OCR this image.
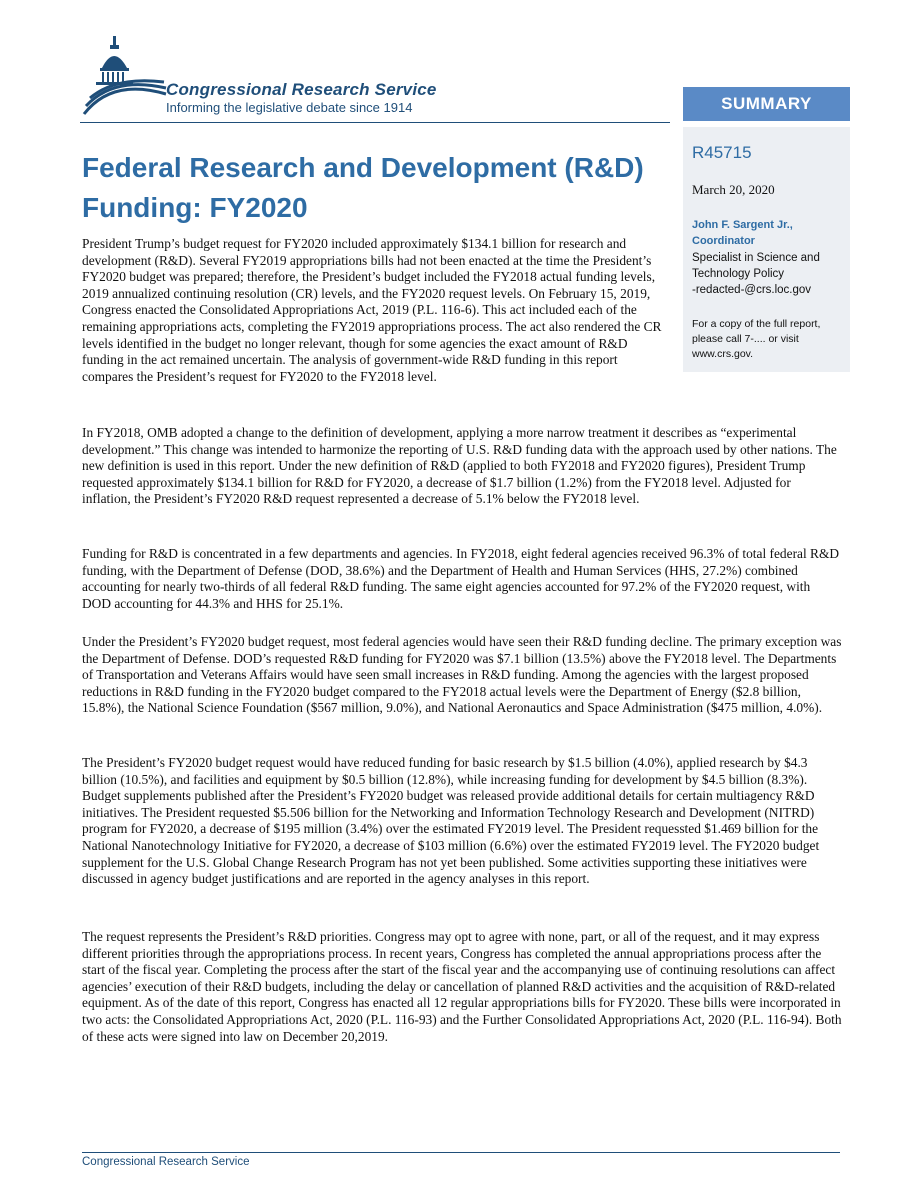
Congressional Research Service
Informing the legislative debate since 1914	SUMMARY
R45715
March 20, 2020
John F. Sargent Jr.,
Coordinator
Specialist in Science and Technology Policy
-redacted-@crs.loc.gov
For a copy of the full report, please call 7-.... or visit www.crs.gov.
Federal Research and Development (R&D) Funding: FY2020

President Trump’s budget request for FY2020 included approximately $134.1 billion for research and development (R&D). Several FY2019 appropriations bills had not been enacted at the time the President’s FY2020 budget was prepared; therefore, the President’s budget included the FY2018 actual funding levels, 2019 annualized continuing resolution (CR) levels, and the FY2020 request levels. On February 15, 2019, Congress enacted the Consolidated Appropriations Act, 2019 (P.L. 116-6). This act included each of the remaining appropriations acts, completing the FY2019 appropriations process. The act also rendered the CR levels identified in the budget no longer relevant, though for some agencies the exact amount of R&D funding in the act remained uncertain. The analysis of government-wide R&D funding in this report compares the President’s request for FY2020 to the FY2018 level.

In FY2018, OMB adopted a change to the definition of development, applying a more narrow treatment it describes as “experimental development.” This change was intended to harmonize the reporting of U.S. R&D funding data with the approach used by other nations. The new definition is used in this report. Under the new definition of R&D (applied to both FY2018 and FY2020 figures), President Trump requested approximately $134.1 billion for R&D for FY2020, a decrease of $1.7 billion (1.2%) from the FY2018 level. Adjusted for inflation, the President’s FY2020 R&D request represented a decrease of 5.1% below the FY2018 level.

Funding for R&D is concentrated in a few departments and agencies. In FY2018, eight federal agencies received 96.3% of total federal R&D funding, with the Department of Defense (DOD, 38.6%) and the Department of Health and Human Services (HHS, 27.2%) combined accounting for nearly two-thirds of all federal R&D funding. The same eight agencies accounted for 97.2% of the FY2020 request, with DOD accounting for 44.3% and HHS for 25.1%.

Under the President’s FY2020 budget request, most federal agencies would have seen their R&D funding decline. The primary exception was the Department of Defense. DOD’s requested R&D funding for FY2020 was $7.1 billion (13.5%) above the FY2018 level. The Departments of Transportation and Veterans Affairs would have seen small increases in R&D funding. Among the agencies with the largest proposed reductions in R&D funding in the FY2020 budget compared to the FY2018 actual levels were the Department of Energy ($2.8 billion, 15.8%), the National Science Foundation ($567 million, 9.0%), and National Aeronautics and Space Administration ($475 million, 4.0%).

The President’s FY2020 budget request would have reduced funding for basic research by $1.5 billion (4.0%), applied research by $4.3 billion (10.5%), and facilities and equipment by $0.5 billion (12.8%), while increasing funding for development by $4.5 billion (8.3%). Budget supplements published after the President’s FY2020 budget was released provide additional details for certain multiagency R&D initiatives. The President requested $5.506 billion for the Networking and Information Technology Research and Development (NITRD) program for FY2020, a decrease of $195 million (3.4%) over the estimated FY2019 level. The President requessted $1.469 billion for the National Nanotechnology Initiative for FY2020, a decrease of $103 million (6.6%) over the estimated FY2019 level. The FY2020 budget supplement for the U.S. Global Change Research Program has not yet been published. Some activities supporting these initiatives were discussed in agency budget justifications and are reported in the agency analyses in this report.

The request represents the President’s R&D priorities. Congress may opt to agree with none, part, or all of the request, and it may express different priorities through the appropriations process. In recent years, Congress has completed the annual appropriations process after the start of the fiscal year. Completing the process after the start of the fiscal year and the accompanying use of continuing resolutions can affect agencies’ execution of their R&D budgets, including the delay or cancellation of planned R&D activities and the acquisition of R&D-related equipment. As of the date of this report, Congress has enacted all 12 regular appropriations bills for FY2020. These bills were incorporated in two acts: the Consolidated Appropriations Act, 2020 (P.L. 116-93) and the Further Consolidated Appropriations Act, 2020 (P.L. 116-94). Both of these acts were signed into law on December 20,2019.

Congressional Research Service
